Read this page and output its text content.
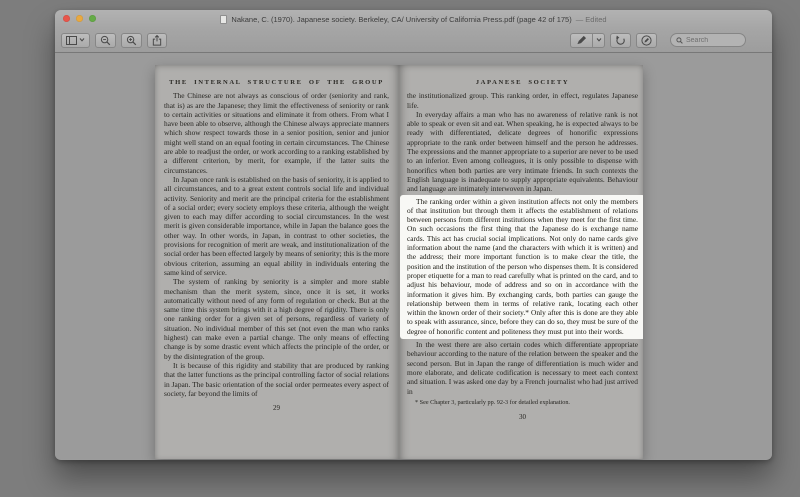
Nakane, C. (1970). Japanese society. Berkeley, CA/ University of California Press.pdf (page 42 of 175) — Edited
Search
THE INTERNAL STRUCTURE OF THE GROUP

The Chinese are not always as conscious of order (seniority and rank, that is) as are the Japanese; they limit the effectiveness of seniority or rank to certain activities or situations and eliminate it from others. From what I have been able to observe, although the Chinese always appreciate manners which show respect towards those in a senior position, senior and junior might well stand on an equal footing in certain circumstances. The Chinese are able to readjust the order, or work according to a ranking established by a different criterion, by merit, for example, if the latter suits the circumstances.

In Japan once rank is established on the basis of seniority, it is applied to all circumstances, and to a great extent controls social life and individual activity. Seniority and merit are the principal criteria for the establishment of a social order; every society employs these criteria, although the weight given to each may differ according to social circumstances. In the west merit is given considerable importance, while in Japan the balance goes the other way. In other words, in Japan, in contrast to other societies, the provisions for recognition of merit are weak, and institutionalization of the social order has been effected largely by means of seniority; this is the more obvious criterion, assuming an equal ability in individuals entering the same kind of service.

The system of ranking by seniority is a simpler and more stable mechanism than the merit system, since, once it is set, it works automatically without need of any form of regulation or check. But at the same time this system brings with it a high degree of rigidity. There is only one ranking order for a given set of persons, regardless of variety of situation. No individual member of this set (not even the man who ranks highest) can make even a partial change. The only means of effecting change is by some drastic event which affects the principle of the order, or by the disintegration of the group.

It is because of this rigidity and stability that are produced by ranking that the latter functions as the principal controlling factor of social relations in Japan. The basic orientation of the social order permeates every aspect of society, far beyond the limits of

29
JAPANESE SOCIETY

the institutionalized group. This ranking order, in effect, regulates Japanese life.

In everyday affairs a man who has no awareness of relative rank is not able to speak or even sit and eat. When speaking, he is expected always to be ready with differentiated, delicate degrees of honorific expressions appropriate to the rank order between himself and the person he addresses. The expressions and the manner appropriate to a superior are never to be used to an inferior. Even among colleagues, it is only possible to dispense with honorifics when both parties are very intimate friends. In such contexts the English language is inadequate to supply appropriate equivalents. Behaviour and language are intimately interwoven in Japan.

The ranking order within a given institution affects not only the members of that institution but through them it affects the establishment of relations between persons from different institutions when they meet for the first time. On such occasions the first thing that the Japanese do is exchange name cards. This act has crucial social implications. Not only do name cards give information about the name (and the characters with which it is written) and the address; their more important function is to make clear the title, the position and the institution of the person who dispenses them. It is considered proper etiquette for a man to read carefully what is printed on the card, and to adjust his behaviour, mode of address and so on in accordance with the information it gives him. By exchanging cards, both parties can gauge the relationship between them in terms of relative rank, locating each other within the known order of their society.* Only after this is done are they able to speak with assurance, since, before they can do so, they must be sure of the degree of honorific content and politeness they must put into their words.

In the west there are also certain codes which differentiate appropriate behaviour according to the nature of the relation between the speaker and the second person. But in Japan the range of differentiation is much wider and more elaborate, and delicate codification is necessary to meet each context and situation. I was asked one day by a French journalist who had just arrived in

* See Chapter 3, particularly pp. 92-3 for detailed explanation.
30
